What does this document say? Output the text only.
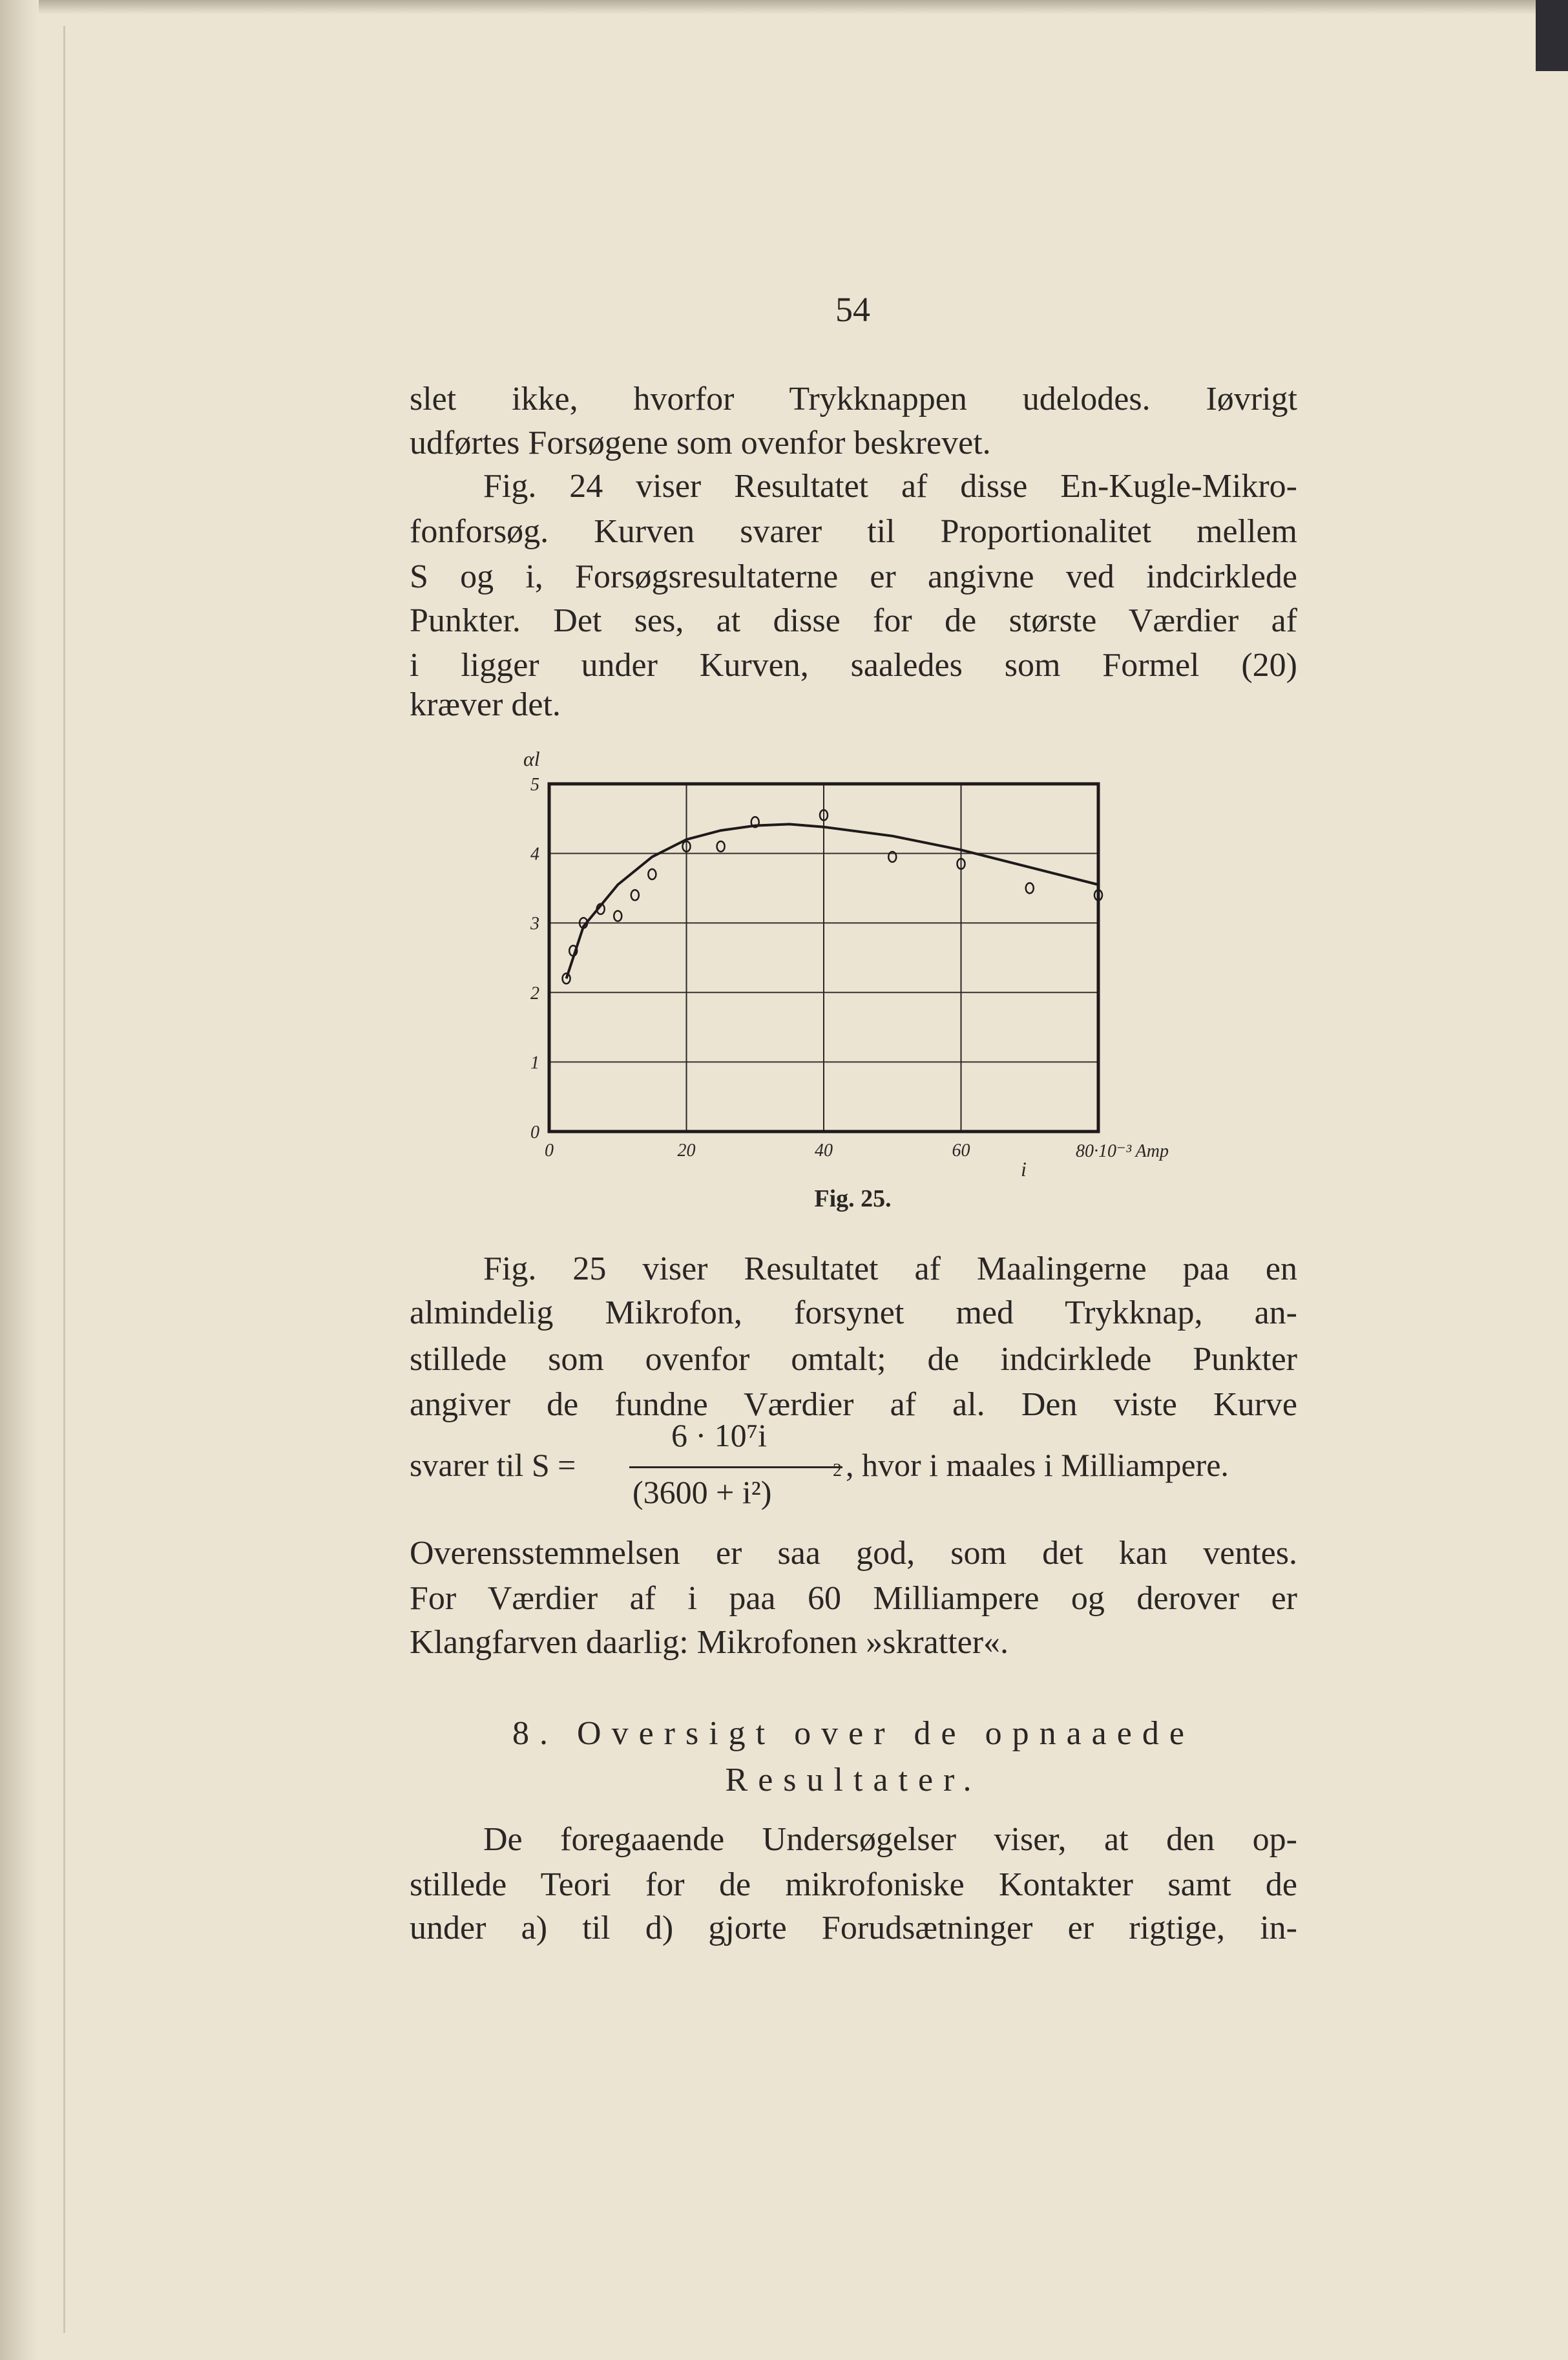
54
slet ikke, hvorfor Trykknappen udelodes. Iøvrigt
udførtes Forsøgene som ovenfor beskrevet.
Fig. 24 viser Resultatet af disse En-Kugle-Mikro-
fonforsøg. Kurven svarer til Proportionalitet mellem
S og i, Forsøgsresultaterne er angivne ved indcirklede
Punkter. Det ses, at disse for de største Værdier af
i ligger under Kurven, saaledes som Formel (20)
kræver det.
0
1
2
3
4
5
0	20	40	60
αl
i
80·10⁻³ Amp
Fig. 25.
Fig. 25 viser Resultatet af Maalingerne paa en
almindelig Mikrofon, forsynet med Trykknap, an-
stillede som ovenfor omtalt; de indcirklede Punkter
angiver de fundne Værdier af al. Den viste Kurve
svarer til S =
6 · 10⁷i
(3600 + i²)
2 , hvor i maales i Milliampere.
Overensstemmelsen er saa god, som det kan ventes.
For Værdier af i paa 60 Milliampere og derover er
Klangfarven daarlig: Mikrofonen »skratter«.
8. Oversigt over de opnaaede
Resultater.
De foregaaende Undersøgelser viser, at den op-
stillede Teori for de mikrofoniske Kontakter samt de
under a) til d) gjorte Forudsætninger er rigtige, in-
